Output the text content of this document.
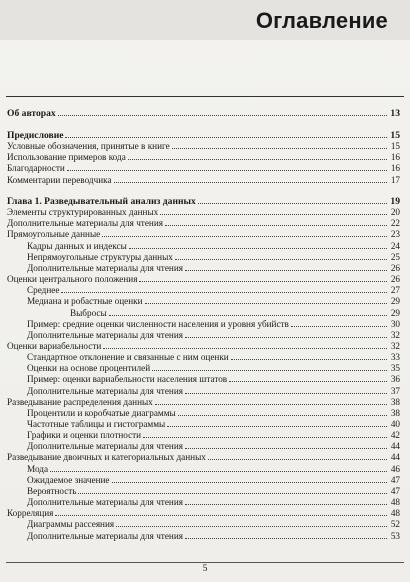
Оглавление
Об авторах	13
Предисловие	15
Условные обозначения, принятые в книге	15
Использование примеров кода	16
Благодарности	16
Комментарии переводчика	17
Глава 1. Разведывательный анализ данных	19
Элементы структурированных данных	20
Дополнительные материалы для чтения	22
Прямоугольные данные	23
Кадры данных и индексы	24
Непрямоугольные структуры данных	25
Дополнительные материалы для чтения	26
Оценки центрального положения	26
Среднее	27
Медиана и робастные оценки	29
Выбросы	29
Пример: средние оценки численности населения и уровня убийств	30
Дополнительные материалы для чтения	32
Оценки вариабельности	32
Стандартное отклонение и связанные с ним оценки	33
Оценки на основе процентилей	35
Пример: оценки вариабельности населения штатов	36
Дополнительные материалы для чтения	37
Разведывание распределения данных	38
Процентили и коробчатые диаграммы	38
Частотные таблицы и гистограммы	40
Графики и оценки плотности	42
Дополнительные материалы для чтения	44
Разведывание двоичных и категориальных данных	44
Мода	46
Ожидаемое значение	47
Вероятность	47
Дополнительные материалы для чтения	48
Корреляция	48
Диаграммы рассеяния	52
Дополнительные материалы для чтения	53
5
